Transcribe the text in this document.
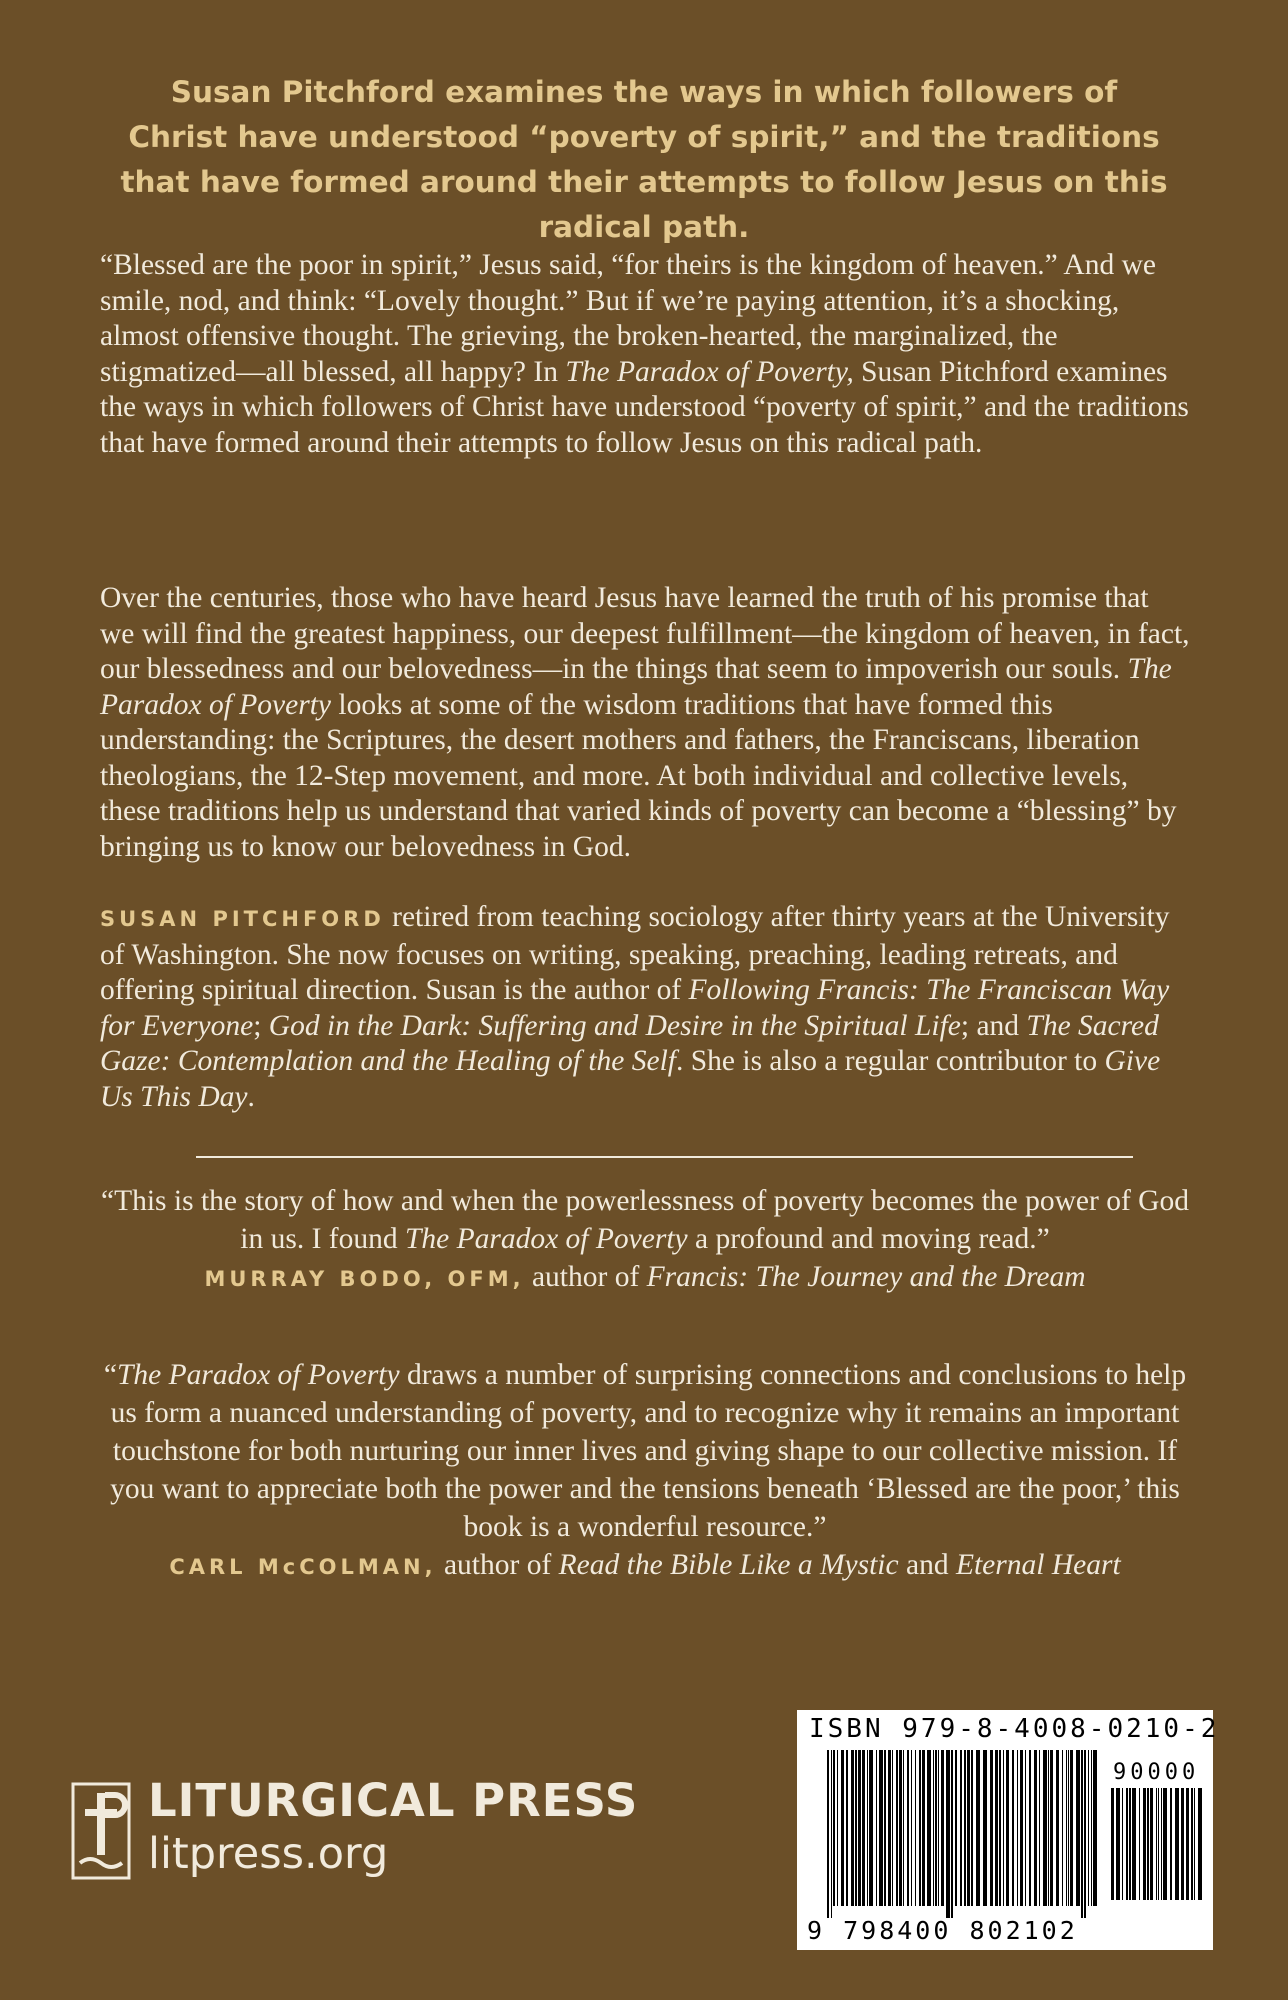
Susan Pitchford examines the ways in which followers of Christ have understood “poverty of spirit,” and the traditions that have formed around their attempts to follow Jesus on this radical path.
“Blessed are the poor in spirit,” Jesus said, “for theirs is the kingdom of heaven.” And we smile, nod, and think: “Lovely thought.” But if we’re paying attention, it’s a shocking, almost offensive thought. The grieving, the broken-hearted, the marginalized, the stigmatized—all blessed, all happy? In The Paradox of Poverty, Susan Pitchford examines the ways in which followers of Christ have understood “poverty of spirit,” and the traditions that have formed around their attempts to follow Jesus on this radical path.
Over the centuries, those who have heard Jesus have learned the truth of his promise that we will find the greatest happiness, our deepest fulfillment—the kingdom of heaven, in fact, our blessedness and our belovedness—in the things that seem to impoverish our souls. The Paradox of Poverty looks at some of the wisdom traditions that have formed this understanding: the Scriptures, the desert mothers and fathers, the Franciscans, liberation theologians, the 12-Step movement, and more. At both individual and collective levels, these traditions help us understand that varied kinds of poverty can become a “blessing” by bringing us to know our belovedness in God.
SUSAN PITCHFORD retired from teaching sociology after thirty years at the University of Washington. She now focuses on writing, speaking, preaching, leading retreats, and offering spiritual direction. Susan is the author of Following Francis: The Franciscan Way for Everyone; God in the Dark: Suffering and Desire in the Spiritual Life; and The Sacred Gaze: Contemplation and the Healing of the Self. She is also a regular contributor to Give Us This Day.
“This is the story of how and when the powerlessness of poverty becomes the power of God in us. I found The Paradox of Poverty a profound and moving read.”
MURRAY BODO, OFM, author of Francis: The Journey and the Dream
“The Paradox of Poverty draws a number of surprising connections and conclusions to help us form a nuanced understanding of poverty, and to recognize why it remains an important touchstone for both nurturing our inner lives and giving shape to our collective mission. If you want to appreciate both the power and the tensions beneath ‘Blessed are the poor,’ this book is a wonderful resource.”
CARL McCOLMAN, author of Read the Bible Like a Mystic and Eternal Heart
LITURGICAL PRESS
litpress.org
ISBN 979-8-4008-0210-2
90000
9 798400 802102
